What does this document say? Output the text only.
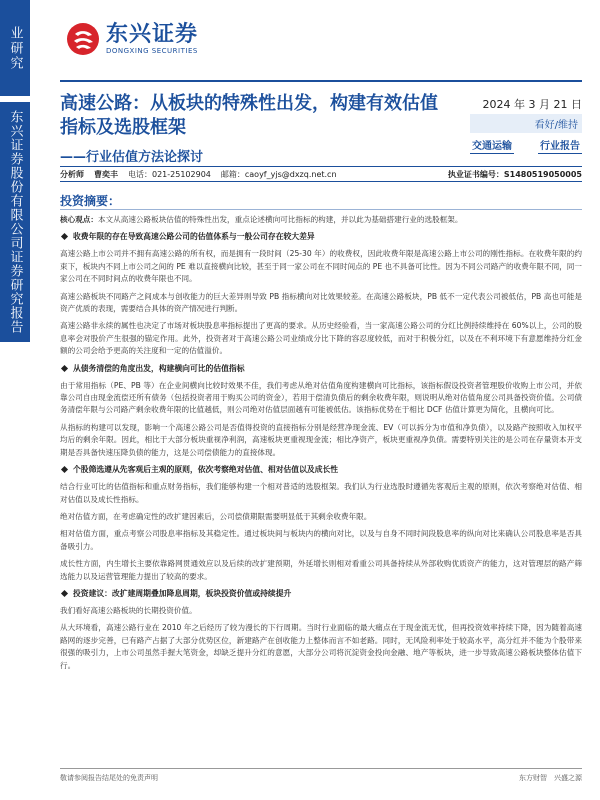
业研究
东兴证券股份有限公司证券研究报告
东兴证券
DONGXING SECURITIES
高速公路：从板块的特殊性出发，构建有效估值指标及选股框架
——行业估值方法论探讨
2024 年 3 月 21 日
看好/维持
交通运输	行业报告
分析师 曹奕丰 电话：021-25102904 邮箱：caoyf_yjs@dxzq.net.cn	执业证书编号：S1480519050005
投资摘要：

核心观点：本文从高速公路板块估值的特殊性出发，重点论述横向可比指标的构建，并以此为基础搭建行业的选股框架。

收费年限的存在导致高速公路公司的估值体系与一般公司存在较大差异

高速公路上市公司并不拥有高速公路的所有权，而是拥有一段时间（25-30 年）的收费权，因此收费年限是高速公路上市公司的刚性指标。在收费年限的约束下，板块内不同上市公司之间的 PE 难以直接横向比较，甚至于同一家公司在不同时间点的 PE 也不具备可比性。因为不同公司路产的收费年限不同，同一家公司在不同时间点的收费年限也不同。

高速公路板块不同路产之间成本与创收能力的巨大差异则导致 PB 指标横向对比效果较差。在高速公路板块，PB 低不一定代表公司被低估，PB 高也可能是资产优质的表现，需要结合具体的资产情况进行判断。

高速公路非永续的属性也决定了市场对板块股息率指标提出了更高的要求。从历史经验看，当一家高速公路公司的分红比例持续维持在 60%以上，公司的股息率会对股价产生很强的锚定作用。此外，投资者对于高速公路公司业绩成分比下降的容忍度较低，而对于积极分红，以及在不利环境下有意愿维持分红金额的公司会给予更高的关注度和一定的估值溢价。

从债务清偿的角度出发，构建横向可比的估值指标

由于常用指标（PE、PB 等）在企业间横向比较时效果不佳，我们考虑从绝对估值角度构建横向可比指标，该指标假设投资者管理股价收购上市公司，并依靠公司自由现金流偿还所有债务（包括投资者用于购买公司的资金），若用于偿清负债后的剩余收费年限，则说明从绝对估值角度公司具备投资价值。公司债务清偿年限与公司路产剩余收费年限的比值越低，则公司绝对估值层面越有可能被低估。该指标优势在于相比 DCF 估值计算更为简化，且横向可比。

从指标的构建可以发现，影响一个高速公路公司是否值得投资的直接指标分别是经营净现金流、EV（可以拆分为市值和净负债），以及路产按照收入加权平均后的剩余年限。因此，相比于大部分板块重视净利润，高速板块更重视现金流；相比净资产，板块更重视净负债。需要特别关注的是公司在存量资本开支期是否具备快速压降负债的能力，这是公司偿债能力的直接体现。

个股筛选遵从先客观后主观的原则，依次考察绝对估值、相对估值以及成长性

结合行业可比的估值指标和重点财务指标，我们能够构建一个相对普适的选股框架。我们认为行业选股时遵循先客观后主观的原则，依次考察绝对估值、相对估值以及成长性指标。

绝对估值方面，在考虑确定性的改扩建因素后，公司偿债期限需要明显低于其剩余收费年限。

相对估值方面，重点考察公司股息率指标及其稳定性。通过板块间与板块内的横向对比，以及与自身不同时间段股息率的纵向对比来确认公司股息率是否具备吸引力。

成长性方面，内生增长主要依靠路网贯通效应以及后续的改扩建预期，外延增长则相对看重公司具备持续从外部收购优质资产的能力，这对管理层的路产筛选能力以及运营管理能力提出了较高的要求。

投资建议：改扩建周期叠加降息周期，板块投资价值或持续提升

我们看好高速公路板块的长期投资价值。

从大环境看，高速公路行业在 2010 年之后经历了较为漫长的下行周期。当时行业面临的最大痛点在于现金流无忧，但再投资效率持续下降，因为随着高速路网的逐步完善，已有路产占据了大部分优势区位，新建路产在创收能力上整体而言不如老路。同时，无风险利率处于较高水平，高分红并不能为个股带来很强的吸引力，上市公司虽然手握大笔资金，却缺乏提升分红的意愿，大部分公司将沉淀资金投向金融、地产等板块，进一步导致高速公路板块整体估值下行。

敬请参阅报告结尾处的免责声明	东方财智　兴盛之源
